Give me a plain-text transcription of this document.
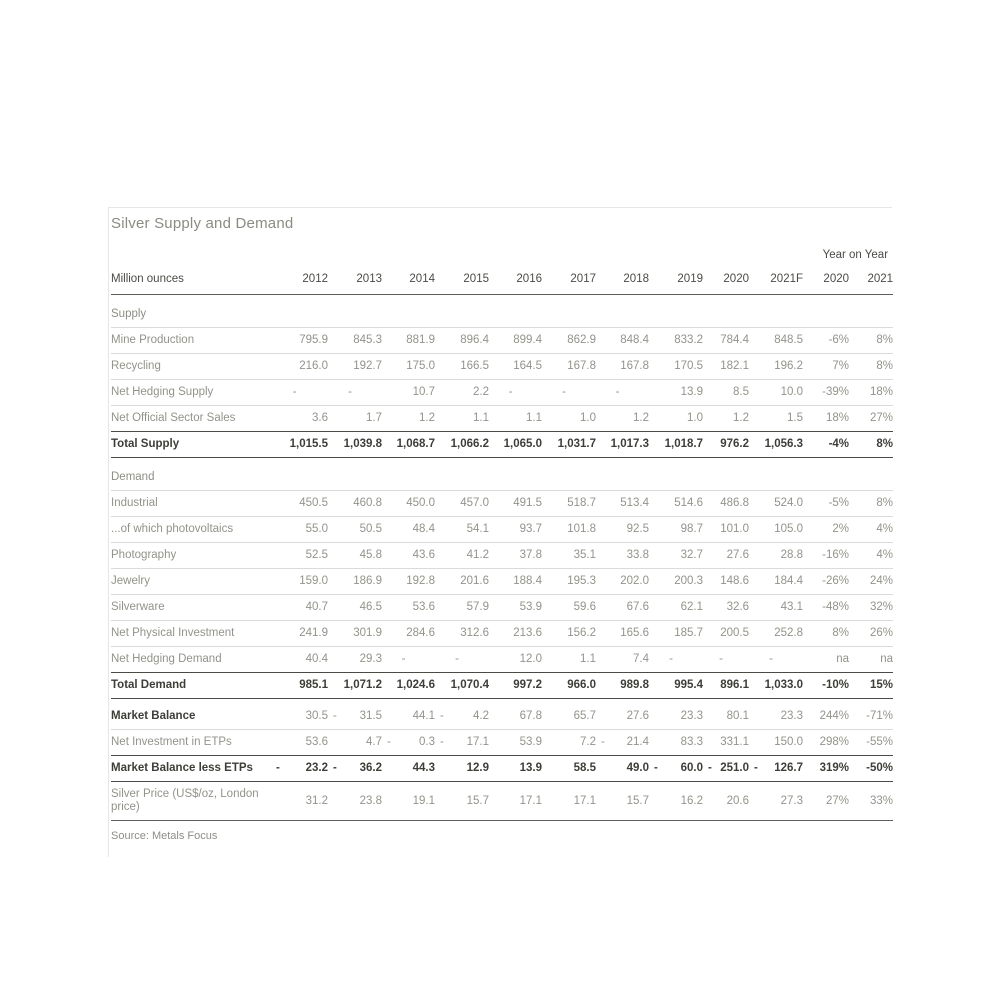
Silver Supply and Demand
											Year on Year	
Million ounces	2012	2013	2014	2015	2016	2017	2018	2019	2020	2021F	2020	2021
Supply												
Mine Production	795.9	845.3	881.9	896.4	899.4	862.9	848.4	833.2	784.4	848.5	-6%	8%
Recycling	216.0	192.7	175.0	166.5	164.5	167.8	167.8	170.5	182.1	196.2	7%	8%
Net Hedging Supply	-	-	10.7	2.2	-	-	-	13.9	8.5	10.0	-39%	18%
Net Official Sector Sales	3.6	1.7	1.2	1.1	1.1	1.0	1.2	1.0	1.2	1.5	18%	27%
Total Supply	1,015.5	1,039.8	1,068.7	1,066.2	1,065.0	1,031.7	1,017.3	1,018.7	976.2	1,056.3	-4%	8%
Demand												
Industrial	450.5	460.8	450.0	457.0	491.5	518.7	513.4	514.6	486.8	524.0	-5%	8%
...of which photovoltaics	55.0	50.5	48.4	54.1	93.7	101.8	92.5	98.7	101.0	105.0	2%	4%
Photography	52.5	45.8	43.6	41.2	37.8	35.1	33.8	32.7	27.6	28.8	-16%	4%
Jewelry	159.0	186.9	192.8	201.6	188.4	195.3	202.0	200.3	148.6	184.4	-26%	24%
Silverware	40.7	46.5	53.6	57.9	53.9	59.6	67.6	62.1	32.6	43.1	-48%	32%
Net Physical Investment	241.9	301.9	284.6	312.6	213.6	156.2	165.6	185.7	200.5	252.8	8%	26%
Net Hedging Demand	40.4	29.3	-	-	12.0	1.1	7.4	-	-	-	na	na
Total Demand	985.1	1,071.2	1,024.6	1,070.4	997.2	966.0	989.8	995.4	896.1	1,033.0	-10%	15%
Market Balance	30.5	- 31.5	44.1	- 4.2	67.8	65.7	27.6	23.3	80.1	23.3	244%	-71%
Net Investment in ETPs	53.6	4.7	- 0.3	- 17.1	53.9	7.2	- 21.4	83.3	331.1	150.0	298%	-55%
Market Balance less ETPs	- 23.2	- 36.2	44.3	12.9	13.9	58.5	49.0	- 60.0	- 251.0	- 126.7	319%	-50%
Silver Price (US$/oz, London price)	31.2	23.8	19.1	15.7	17.1	17.1	15.7	16.2	20.6	27.3	27%	33%
Source: Metals Focus
